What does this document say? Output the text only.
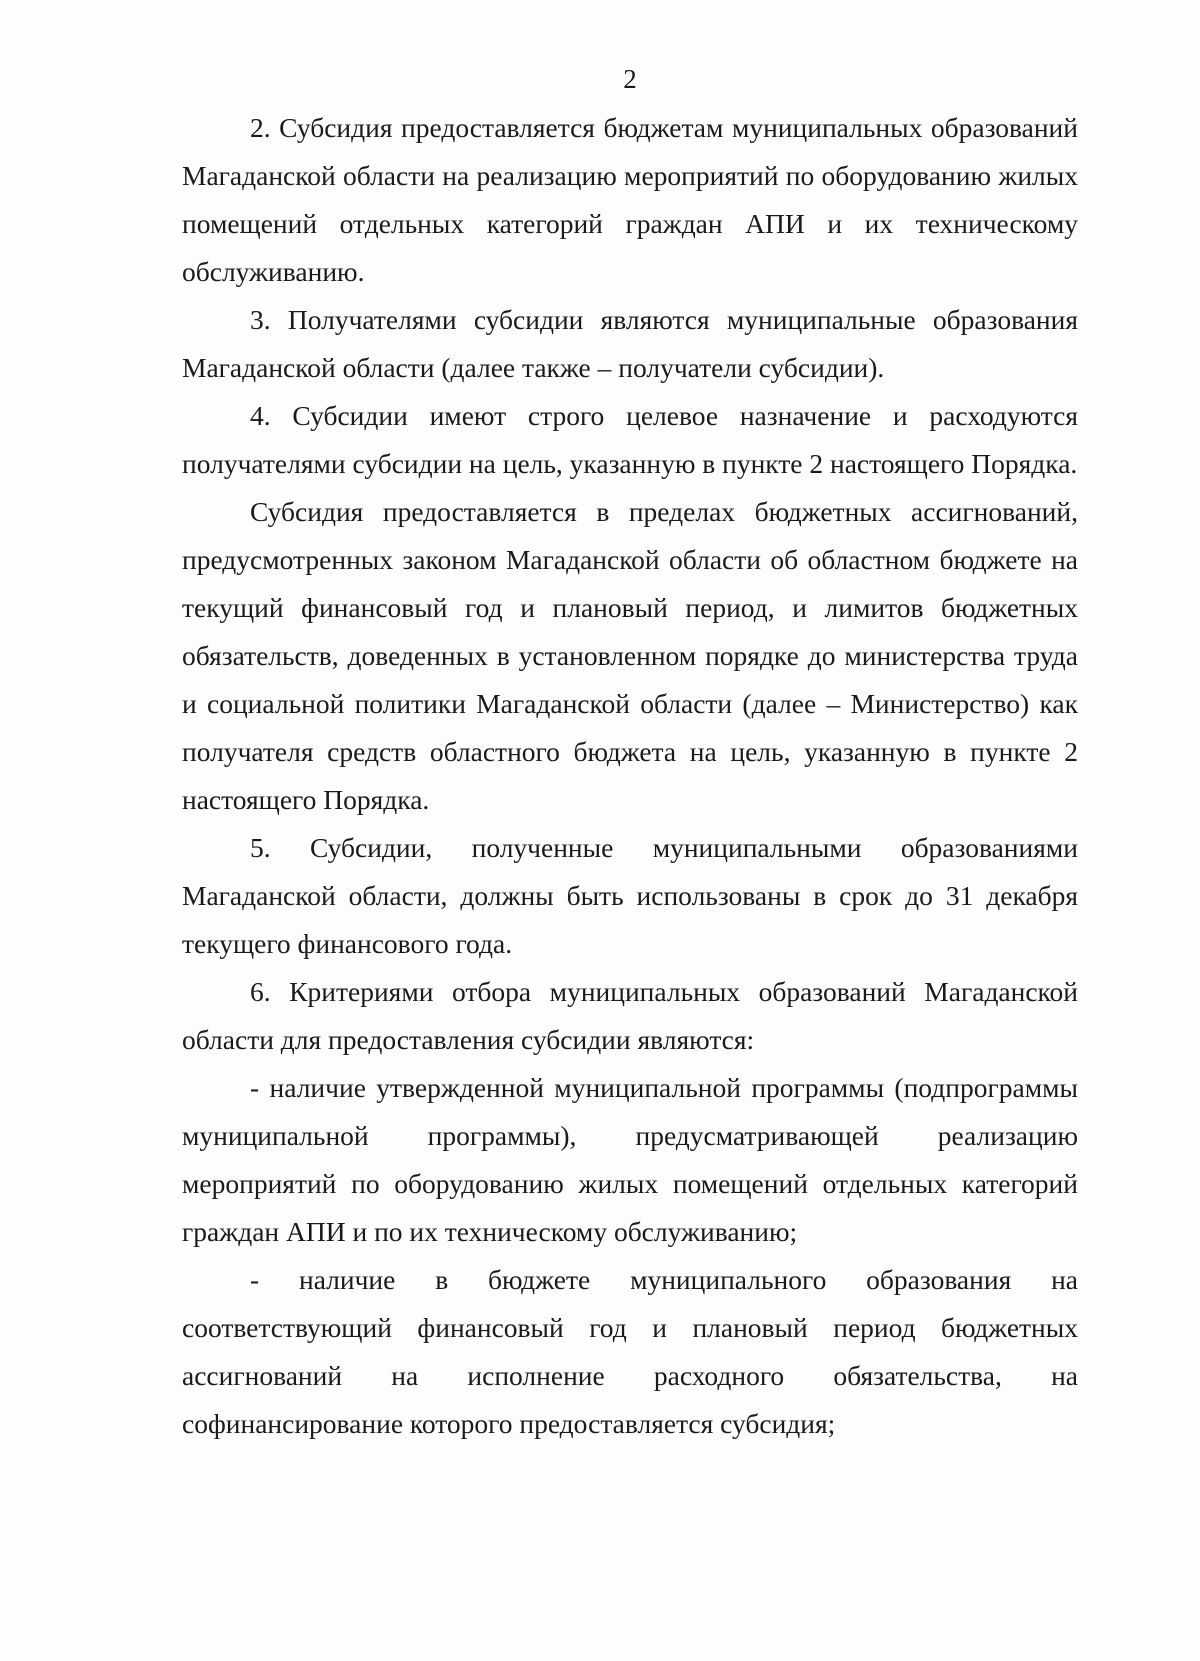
2

2. Субсидия предоставляется бюджетам муниципальных образований Магаданской области на реализацию мероприятий по оборудованию жилых помещений отдельных категорий граждан АПИ и их техническому обслуживанию.

3. Получателями субсидии являются муниципальные образования Магаданской области (далее также – получатели субсидии).

4. Субсидии имеют строго целевое назначение и расходуются получателями субсидии на цель, указанную в пункте 2 настоящего Порядка.

Субсидия предоставляется в пределах бюджетных ассигнований, предусмотренных законом Магаданской области об областном бюджете на текущий финансовый год и плановый период, и лимитов бюджетных обязательств, доведенных в установленном порядке до министерства труда и социальной политики Магаданской области (далее – Министерство) как получателя средств областного бюджета на цель, указанную в пункте 2 настоящего Порядка.

5. Субсидии, полученные муниципальными образованиями Магаданской области, должны быть использованы в срок до 31 декабря текущего финансового года.

6. Критериями отбора муниципальных образований Магаданской области для предоставления субсидии являются:

- наличие утвержденной муниципальной программы (подпрограммы муниципальной программы), предусматривающей реализацию мероприятий по оборудованию жилых помещений отдельных категорий граждан АПИ и по их техническому обслуживанию;

- наличие в бюджете муниципального образования на соответствующий финансовый год и плановый период бюджетных ассигнований на исполнение расходного обязательства, на софинансирование которого предоставляется субсидия;
